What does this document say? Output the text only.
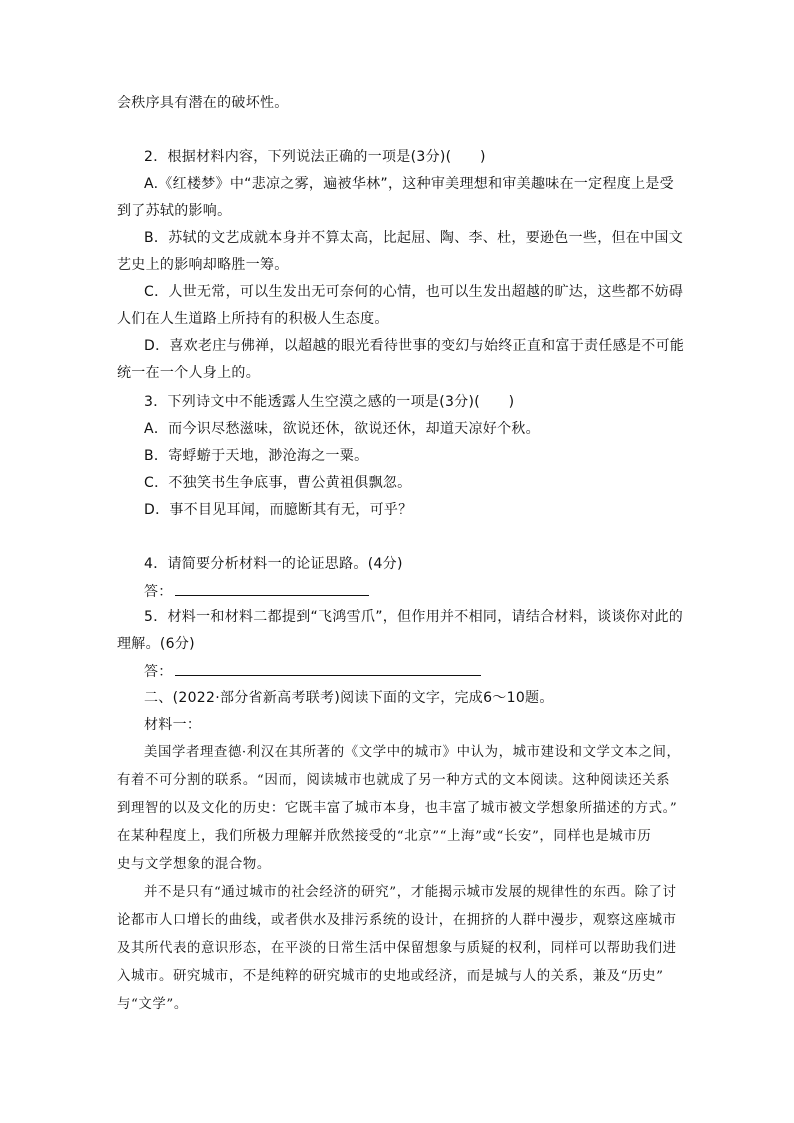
会秩序具有潜在的破坏性。
2．根据材料内容，下列说法正确的一项是(3分)(　　)
A.《红楼梦》中“悲凉之雾，遍被华林”，这种审美理想和审美趣味在一定程度上是受
到了苏轼的影响。
B．苏轼的文艺成就本身并不算太高，比起屈、陶、李、杜，要逊色一些，但在中国文
艺史上的影响却略胜一筹。
C．人世无常，可以生发出无可奈何的心情，也可以生发出超越的旷达，这些都不妨碍
人们在人生道路上所持有的积极人生态度。
D．喜欢老庄与佛禅，以超越的眼光看待世事的变幻与始终正直和富于责任感是不可能
统一在一个人身上的。
3．下列诗文中不能透露人生空漠之感的一项是(3分)(　　)
A．而今识尽愁滋味，欲说还休，欲说还休，却道天凉好个秋。
B．寄蜉蝣于天地，渺沧海之一粟。
C．不独笑书生争底事，曹公黄祖俱飘忽。
D．事不目见耳闻，而臆断其有无，可乎？
4．请简要分析材料一的论证思路。(4分)
答：
5．材料一和材料二都提到“飞鸿雪爪”，但作用并不相同，请结合材料，谈谈你对此的
理解。(6分)
答：
二、(2022·部分省新高考联考)阅读下面的文字，完成6～10题。
材料一：
美国学者理查德·利汉在其所著的《文学中的城市》中认为，城市建设和文学文本之间，
有着不可分割的联系。“因而，阅读城市也就成了另一种方式的文本阅读。这种阅读还关系
到理智的以及文化的历史：它既丰富了城市本身，也丰富了城市被文学想象所描述的方式。”
在某种程度上，我们所极力理解并欣然接受的“北京”“上海”或“长安”，同样也是城市历
史与文学想象的混合物。
并不是只有“通过城市的社会经济的研究”，才能揭示城市发展的规律性的东西。除了讨
论都市人口增长的曲线，或者供水及排污系统的设计，在拥挤的人群中漫步，观察这座城市
及其所代表的意识形态，在平淡的日常生活中保留想象与质疑的权利，同样可以帮助我们进
入城市。研究城市，不是纯粹的研究城市的史地或经济，而是城与人的关系，兼及“历史”
与“文学”。
